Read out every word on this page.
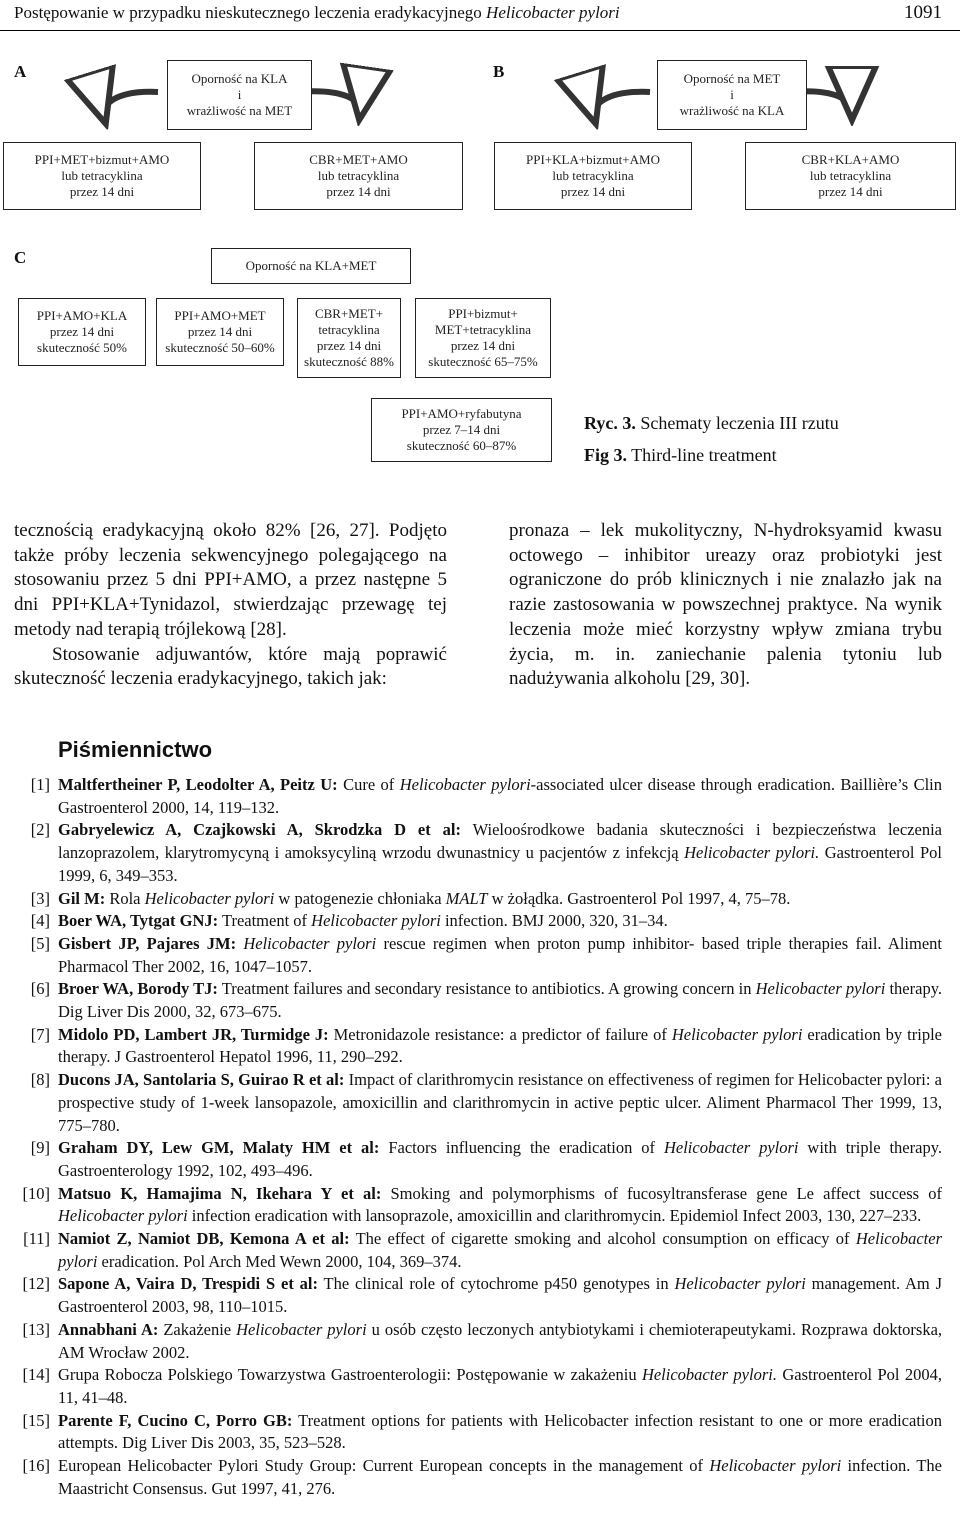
Postępowanie w przypadku nieskutecznego leczenia eradykacyjnego Helicobacter pylori	1091
A	B
C
Oporność na KLA
i
wrażliwość na MET
PPI+MET+bizmut+AMO
lub tetracyklina
przez 14 dni
CBR+MET+AMO
lub tetracyklina
przez 14 dni
Oporność na MET
i
wrażliwość na KLA
PPI+KLA+bizmut+AMO
lub tetracyklina
przez 14 dni
CBR+KLA+AMO
lub tetracyklina
przez 14 dni
Oporność na KLA+MET
PPI+AMO+KLA
przez 14 dni
skuteczność 50%
PPI+AMO+MET
przez 14 dni
skuteczność 50–60%
CBR+MET+
tetracyklina
przez 14 dni
skuteczność 88%
PPI+bizmut+
MET+tetracyklina
przez 14 dni
skuteczność 65–75%
PPI+AMO+ryfabutyna
przez 7–14 dni
skuteczność 60–87%
Ryc. 3. Schematy leczenia III rzutu
Fig 3. Third-line treatment

tecznością eradykacyjną około 82% [26, 27]. Podjęto także próby leczenia sekwencyjnego polegającego na stosowaniu przez 5 dni PPI+AMO, a przez następne 5 dni PPI+KLA+Tynidazol, stwierdzając przewagę tej metody nad terapią trójlekową [28].

Stosowanie adjuwantów, które mają poprawić skuteczność leczenia eradykacyjnego, takich jak:

pronaza – lek mukolityczny, N-hydroksyamid kwasu octowego – inhibitor ureazy oraz probiotyki jest ograniczone do prób klinicznych i nie znalazło jak na razie zastosowania w powszechnej praktyce. Na wynik leczenia może mieć korzystny wpływ zmiana trybu życia, m. in. zaniechanie palenia tytoniu lub nadużywania alkoholu [29, 30].

Piśmiennictwo
[1] Maltfertheiner P, Leodolter A, Peitz U: Cure of Helicobacter pylori-associated ulcer disease through eradication. Baillière’s Clin Gastroenterol 2000, 14, 119–132.
[2] Gabryelewicz A, Czajkowski A, Skrodzka D et al: Wieloośrodkowe badania skuteczności i bezpieczeństwa leczenia lanzoprazolem, klarytromycyną i amoksycyliną wrzodu dwunastnicy u pacjentów z infekcją Helicobacter pylori. Gastroenterol Pol 1999, 6, 349–353.
[3] Gil M: Rola Helicobacter pylori w patogenezie chłoniaka MALT w żołądka. Gastroenterol Pol 1997, 4, 75–78.
[4] Boer WA, Tytgat GNJ: Treatment of Helicobacter pylori infection. BMJ 2000, 320, 31–34.
[5] Gisbert JP, Pajares JM: Helicobacter pylori rescue regimen when proton pump inhibitor- based triple therapies fail. Aliment Pharmacol Ther 2002, 16, 1047–1057.
[6] Broer WA, Borody TJ: Treatment failures and secondary resistance to antibiotics. A growing concern in Helicobacter pylori therapy. Dig Liver Dis 2000, 32, 673–675.
[7] Midolo PD, Lambert JR, Turmidge J: Metronidazole resistance: a predictor of failure of Helicobacter pylori eradication by triple therapy. J Gastroenterol Hepatol 1996, 11, 290–292.
[8] Ducons JA, Santolaria S, Guirao R et al: Impact of clarithromycin resistance on effectiveness of regimen for Helicobacter pylori: a prospective study of 1-week lansopazole, amoxicillin and clarithromycin in active peptic ulcer. Aliment Pharmacol Ther 1999, 13, 775–780.
[9] Graham DY, Lew GM, Malaty HM et al: Factors influencing the eradication of Helicobacter pylori with triple therapy. Gastroenterology 1992, 102, 493–496.
[10] Matsuo K, Hamajima N, Ikehara Y et al: Smoking and polymorphisms of fucosyltransferase gene Le affect success of Helicobacter pylori infection eradication with lansoprazole, amoxicillin and clarithromycin. Epidemiol Infect 2003, 130, 227–233.
[11] Namiot Z, Namiot DB, Kemona A et al: The effect of cigarette smoking and alcohol consumption on efficacy of Helicobacter pylori eradication. Pol Arch Med Wewn 2000, 104, 369–374.
[12] Sapone A, Vaira D, Trespidi S et al: The clinical role of cytochrome p450 genotypes in Helicobacter pylori management. Am J Gastroenterol 2003, 98, 110–1015.
[13] Annabhani A: Zakażenie Helicobacter pylori u osób często leczonych antybiotykami i chemioterapeutykami. Rozprawa doktorska, AM Wrocław 2002.
[14] Grupa Robocza Polskiego Towarzystwa Gastroenterologii: Postępowanie w zakażeniu Helicobacter pylori. Gastroenterol Pol 2004, 11, 41–48.
[15] Parente F, Cucino C, Porro GB: Treatment options for patients with Helicobacter infection resistant to one or more eradication attempts. Dig Liver Dis 2003, 35, 523–528.
[16] European Helicobacter Pylori Study Group: Current European concepts in the management of Helicobacter pylori infection. The Maastricht Consensus. Gut 1997, 41, 276.
